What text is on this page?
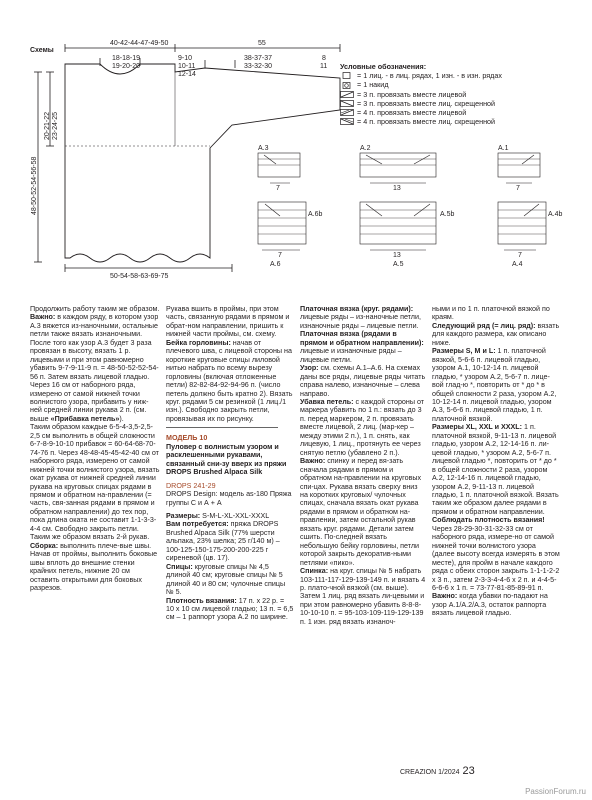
Схемы
40-42-44-47-49-50
18-18-19
19-20-20
9-10
10-11
12-14
55
38-37-37
33-32-30
8
11
20-21-22 23-24-25
48-50-52-54-56-58
50-54-58-63-69-75
A.3
7
A.2
13
A.1
7
A.6b
7
A.6
A.5b
13
A.5
A.4b
7
A.4
Условные обозначения:
= 1 лиц. - в лиц. рядах, 1 изн. - в изн. рядах
= 1 накид
= 3 п. провязать вместе лицевой
= 3 п. провязать вместе лиц. скрещенной
= 4 п. провязать вместе лицевой
= 4 п. провязать вместе лиц. скрещенной

Продолжить работу таким же образом.

Важно: в каждом ряду, в котором узор А.3 вяжется из-наночными, остальные петли также вязать изнаночными. После того как узор А.3 будет 3 раза провязан в высоту, вязать 1 р. лицевыми и при этом равномерно убавить 9-7-9-11-9 п. = 48-50-52-52-54-56 п. Затем вязать лицевой гладью. Через 16 см от наборного ряда, измерено от самой нижней точки волнистого узора, прибавить у ниж-ней средней линии рукава 2 п. (см. выше «Прибавка петель»).

Таким образом каждые 6-5-4-3,5-2,5-2,5 см выполнить в общей сложности 6-7-8-9-10-10 прибавок = 60-64-68-70-74-76 п. Через 48-48-45-45-42-40 см от наборного ряда, измерено от самой нижней точки волнистого узора, вязать окат рукава от нижней средней линии рукава на круговых спицах рядами в прямом и обратном на-правлении (= часть, свя-занная рядами в прямом и обратном направлении) до тех пор, пока длина оката не составит 1-1-3-3-4-4 см. Свободно закрыть петли. Таким же образом вязать 2-й рукав.

Сборка: выполнить плече-вые швы. Начав от проймы, выполнить боковые швы вплоть до внешние стенки крайних петель, нижние 20 см оставить открытыми для боковых разрезов.

Рукава вшить в проймы, при этом часть, связанную рядами в прямом и обрат-ном направлении, пришить к нижней части проймы, см. схему.

Бейка горловины: начав от плечевого шва, с лицевой стороны на короткие круговые спицы лиловой нитью набрать по всему вырезу горловины (включая отложенные петли) 82-82-84-92-94-96 п. (число петель должно быть кратно 2). Вязать круг. рядами 5 см резинкой (1 лиц./1 изн.). Свободно закрыть петли, провязывая их по рисунку.

МОДЕЛЬ 10

Пуловер с волнистым узором и расклешенными рукавами, связанный сни-зу вверх из пряжи DROPS Brushed Alpaca Silk

DROPS 241-29

DROPS Design: модель as-180 Пряжа группы С и А + А

Размеры: S-M-L-XL-XXL-XXXL

Вам потребуется: пряжа DROPS Brushed Alpaca Silk (77% шерсти альпака, 23% шелка; 25 г/140 м) – 100-125-150-175-200-200-225 г сиреневой (цв. 17).

Спицы: круговые спицы № 4,5 длиной 40 см; круговые спицы № 5 длиной 40 и 80 см; чулочные спицы № 5.

Плотность вязания: 17 п. х 22 р. = 10 х 10 см лицевой гладью; 13 п. = 6,5 см – 1 раппорт узора А.2 по ширине.

Платочная вязка (круг. рядами): лицевые ряды – из-наночные петли, изнаночные ряды – лицевые петли.

Платочная вязка (рядами в прямом и обратном направлении): лицевые и изнаночные ряды – лицевые петли.

Узор: см. схемы А.1–А.6. На схемах даны все ряды, лицевые ряды читать справа налево, изнаночные – слева направо.

Убавка петель: с каждой стороны от маркера убавить по 1 п.: вязать до 3 п. перед маркером, 2 п. провязать вместе лицевой, 2 лиц. (мар-кер – между этими 2 п.), 1 п. снять, как лицевую, 1 лиц., протянуть ее через снятую петлю (убавлено 2 п.).

Важно: спинку и перед вя-зать сначала рядами в прямом и обратном на-правлении на круговых спи-цах. Рукава вязать сверху вниз на коротких круговых/ чулочных спицах, сначала вязать окат рукава рядами в прямом и обратном на-правлении, затем остальной рукав вязать круг. рядами. Детали затем сшить. По-следней вязать небольшую бейку горловины, петли которой закрыть декоратив-ными петлями «пико».

Спинка: на круг. спицы № 5 набрать 103-111-117-129-139-149 п. и вязать 4 р. плато-чной вязкой (см. выше). Затем 1 лиц. ряд вязать ли-цевыми и при этом равномерно убавить 8-8-8-10-10-10 п. = 95-103-109-119-129-139 п. 1 изн. ряд вязать изнаноч-

ными и по 1 п. платочной вязкой по краям.

Следующий ряд (= лиц. ряд): вязать для каждого размера, как описано ниже.

Размеры S, M и L: 1 п. платочной вязкой, 5-6-6 п. лицевой гладью, узором А.1, 10-12-14 п. лицевой гладью, * узором А.2, 5-6-7 п. лице-вой глад-ю *, повторить от * до * в общей сложности 2 раза, узором А.2, 10-12-14 п. лицевой гладью, узором А.3, 5-6-6 п. лицевой гладью, 1 п. платочной вязкой.

Размеры XL, XXL и XXXL: 1 п. платочной вязкой, 9-11-13 п. лицевой гладью, узором А.2, 12-14-16 п. ли-цевой гладью, * узором А.2, 5-6-7 п. лицевой гладью *, повторить от * до * в общей сложности 2 раза, узором А.2, 12-14-16 п. лицевой гладью, узором А.2, 9-11-13 п. лицевой гладью, 1 п. платочной вязкой. Вязать таким же образом далее рядами в прямом и обратном направлении.

Соблюдать плотность вязания!

Через 28-29-30-31-32-33 см от наборного ряда, измере-но от самой нижней точки волнистого узора (далее высоту всегда измерять в этом месте), для пройм в начале каждого ряда с обеих сторон закрыть 1-1-1-2-2 х 3 п., затем 2-3-3-4-4-6 х 2 п. и 4-4-5-6-6-6 х 1 п. = 73-77-81-85-89-91 п.

Важно: когда убавки по-падают на узор А.1/А.2/А.3, остаток раппорта вязать лицевой гладью.

CREAZION 1/2024 23
PassionForum.ru
